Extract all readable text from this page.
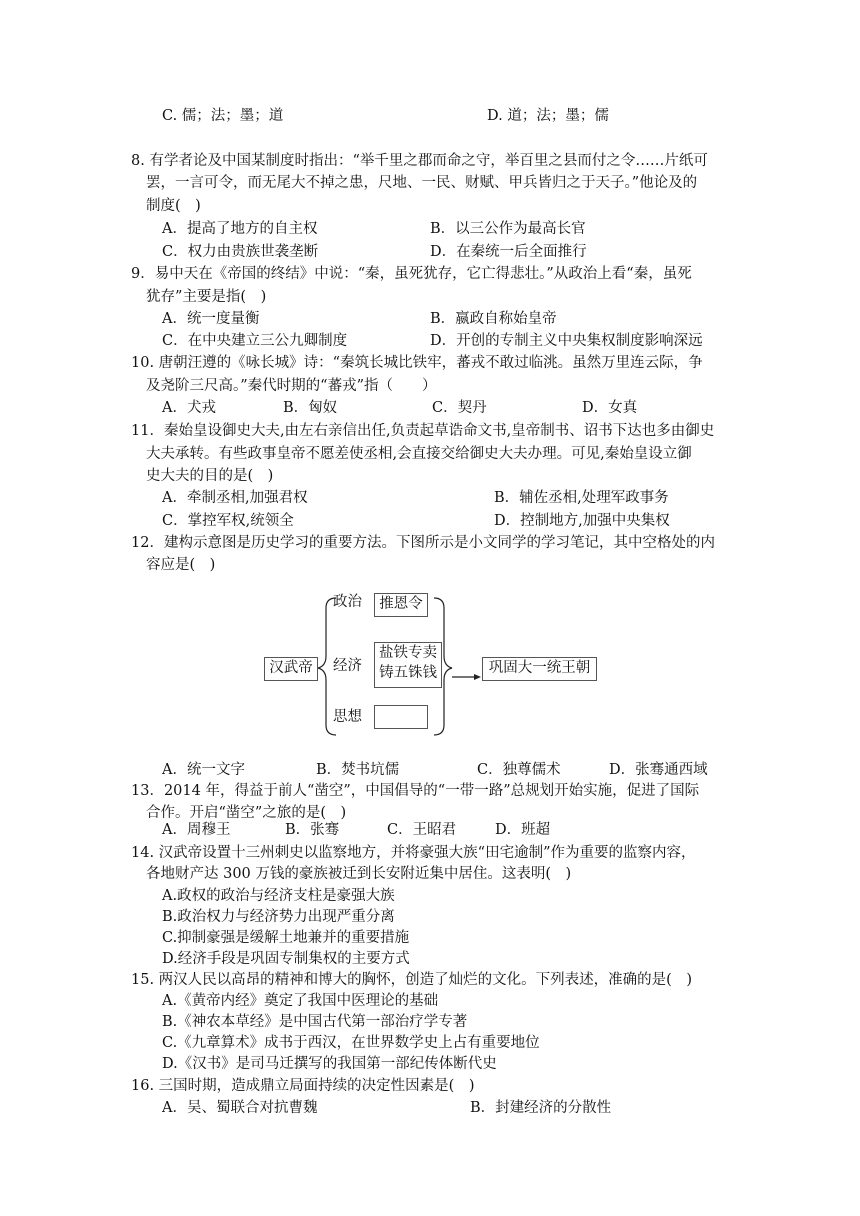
C. 儒；法；墨；道	D. 道；法；墨；儒
8. 有学者论及中国某制度时指出：“举千里之郡而命之守，举百里之县而付之令……片纸可
罢，一言可令，而无尾大不掉之患，尺地、一民、财赋、甲兵皆归之于天子。”他论及的
制度(　)
A．提高了地方的自主权	B．以三公作为最高长官
C．权力由贵族世袭垄断	D．在秦统一后全面推行
9．易中天在《帝国的终结》中说：“秦，虽死犹存，它亡得悲壮。”从政治上看“秦，虽死
犹存”主要是指(　)
A．统一度量衡	B．嬴政自称始皇帝
C．在中央建立三公九卿制度	D．开创的专制主义中央集权制度影响深远
10. 唐朝汪遵的《咏长城》诗：“秦筑长城比铁牢，蕃戎不敢过临洮。虽然万里连云际，争
及尧阶三尺高。”秦代时期的“蕃戎”指（　　）
A．犬戎	B．匈奴	C．契丹	D．女真
11．秦始皇设御史大夫,由左右亲信出任,负责起草诰命文书,皇帝制书、诏书下达也多由御史
大夫承转。有些政事皇帝不愿差使丞相,会直接交给御史大夫办理。可见,秦始皇设立御
史大夫的目的是(　)
A．牵制丞相,加强君权	B．辅佐丞相,处理军政事务
C．掌控军权,统领全	D．控制地方,加强中央集权
12．建构示意图是历史学习的重要方法。下图所示是小文同学的学习笔记，其中空格处的内
容应是(　)
汉武帝
政治	推恩令
经济
盐铁专卖
铸五铢钱
思想
巩固大一统王朝
A．统一文字	B．焚书坑儒	C．独尊儒术	D．张骞通西域
13．2014 年，得益于前人“凿空”，中国倡导的“一带一路”总规划开始实施，促进了国际
合作。开启“凿空”之旅的是(　)
A．周穆王	B．张骞	C．王昭君	D．班超
14. 汉武帝设置十三州刺史以监察地方，并将豪强大族“田宅逾制”作为重要的监察内容，
各地财产达 300 万钱的豪族被迁到长安附近集中居住。这表明(　)
A.政权的政治与经济支柱是豪强大族
B.政治权力与经济势力出现严重分离
C.抑制豪强是缓解土地兼并的重要措施
D.经济手段是巩固专制集权的主要方式
15. 两汉人民以高昂的精神和博大的胸怀，创造了灿烂的文化。下列表述，准确的是(　)
A.《黄帝内经》奠定了我国中医理论的基础
B.《神农本草经》是中国古代第一部治疗学专著
C.《九章算术》成书于西汉，在世界数学史上占有重要地位
D.《汉书》是司马迁撰写的我国第一部纪传体断代史
16. 三国时期，造成鼎立局面持续的决定性因素是(　)
A．吴、蜀联合对抗曹魏	B．封建经济的分散性
